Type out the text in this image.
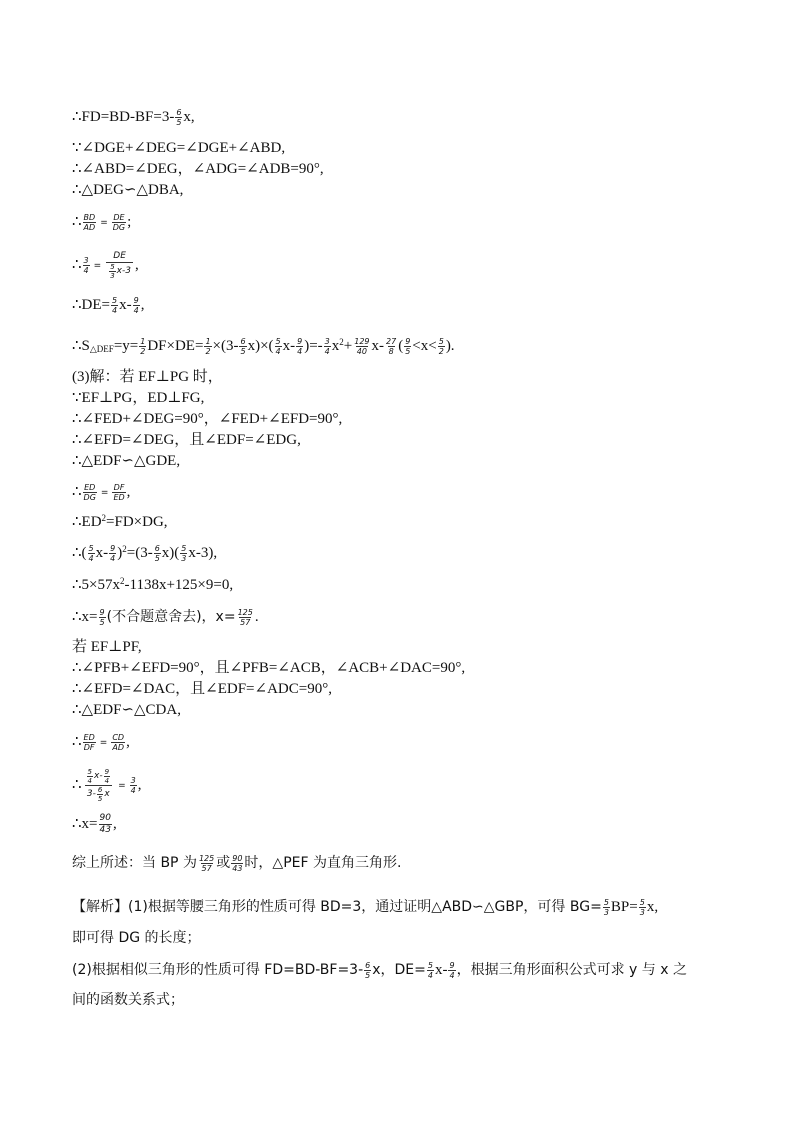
∴FD=BD-BF=3- $\frac{6}{5} x$,
∵∠DGE+∠DEG=∠DGE+∠ABD,
∴∠ABD=∠DEG，∠ADG=∠ADB=90°,
∴△DEG∽△DBA,
∴ $\frac{BD}{AD} = \frac{DE}{DG}$ ;
∴ $\frac{3}{4} = \frac{DE}{\frac{5}{3} x-3}$ ,
∴DE= $\frac{5}{4} x- \frac{9}{4}$ ,
$\therefore S_{\triangle DEF}=y= \frac{1}{2} DF\times DE= \frac{1}{2} \times(3- \frac{6}{5} x)\times( \frac{5}{4} x- \frac{9}{4}$ )=- $\frac{3}{4} x^2+ \frac{129}{40} x- \frac{27}{8}$ ( $\frac{9}{5} <x< \frac{5}{2}$ ).
(3)解：若 EF⊥PG 时，
∵EF⊥PG，ED⊥FG,
∴∠FED+∠DEG=90°，∠FED+∠EFD=90°,
∴∠EFD=∠DEG，且∠EDF=∠EDG,
∴△EDF∽△GDE,
∴ $\frac{ED}{DG} = \frac{DF}{ED}$ ,
$\therefore ED^2=FD\times DG$,
∴( $\frac{5}{4} x- \frac{9}{4} )^2=(3- \frac{6}{5} x)( \frac{5}{3} x-3)$,
$\therefore 5\times 57x^2-1138x+125\times 9=0$,
∴x= $\frac{9}{5}$ (不合题意舍去)，$x= \frac{125}{57}$ .
若 EF⊥PF,
∴∠PFB+∠EFD=90°，且∠PFB=∠ACB，∠ACB+∠DAC=90°,
∴∠EFD=∠DAC，且∠EDF=∠ADC=90°,
∴△EDF∽△CDA,
∴ $\frac{ED}{DF} = \frac{CD}{AD}$ ,
∴ $\frac{\frac{5}{4} x - \frac{9}{4}}{3- \frac{6}{5} x} = \frac{3}{4}$ ,
∴x= $\frac{90}{43}$ ,
综上所述：当 BP 为 $\frac{125}{57}$ 或 $\frac{90}{43}$ 时，△PEF 为直角三角形.
【解析】(1)根据等腰三角形的性质可得 BD=3，通过证明△ABD∽△GBP，可得 $BG= \frac{5}{3} BP= \frac{5}{3} x$,
即可得 DG 的长度；
(2)根据相似三角形的性质可得 $FD=BD-BF=3- \frac{6}{5}$ x，$DE= \frac{5}{4} x- \frac{9}{4}$ ，根据三角形面积公式可求 y 与 x 之
间的函数关系式；
